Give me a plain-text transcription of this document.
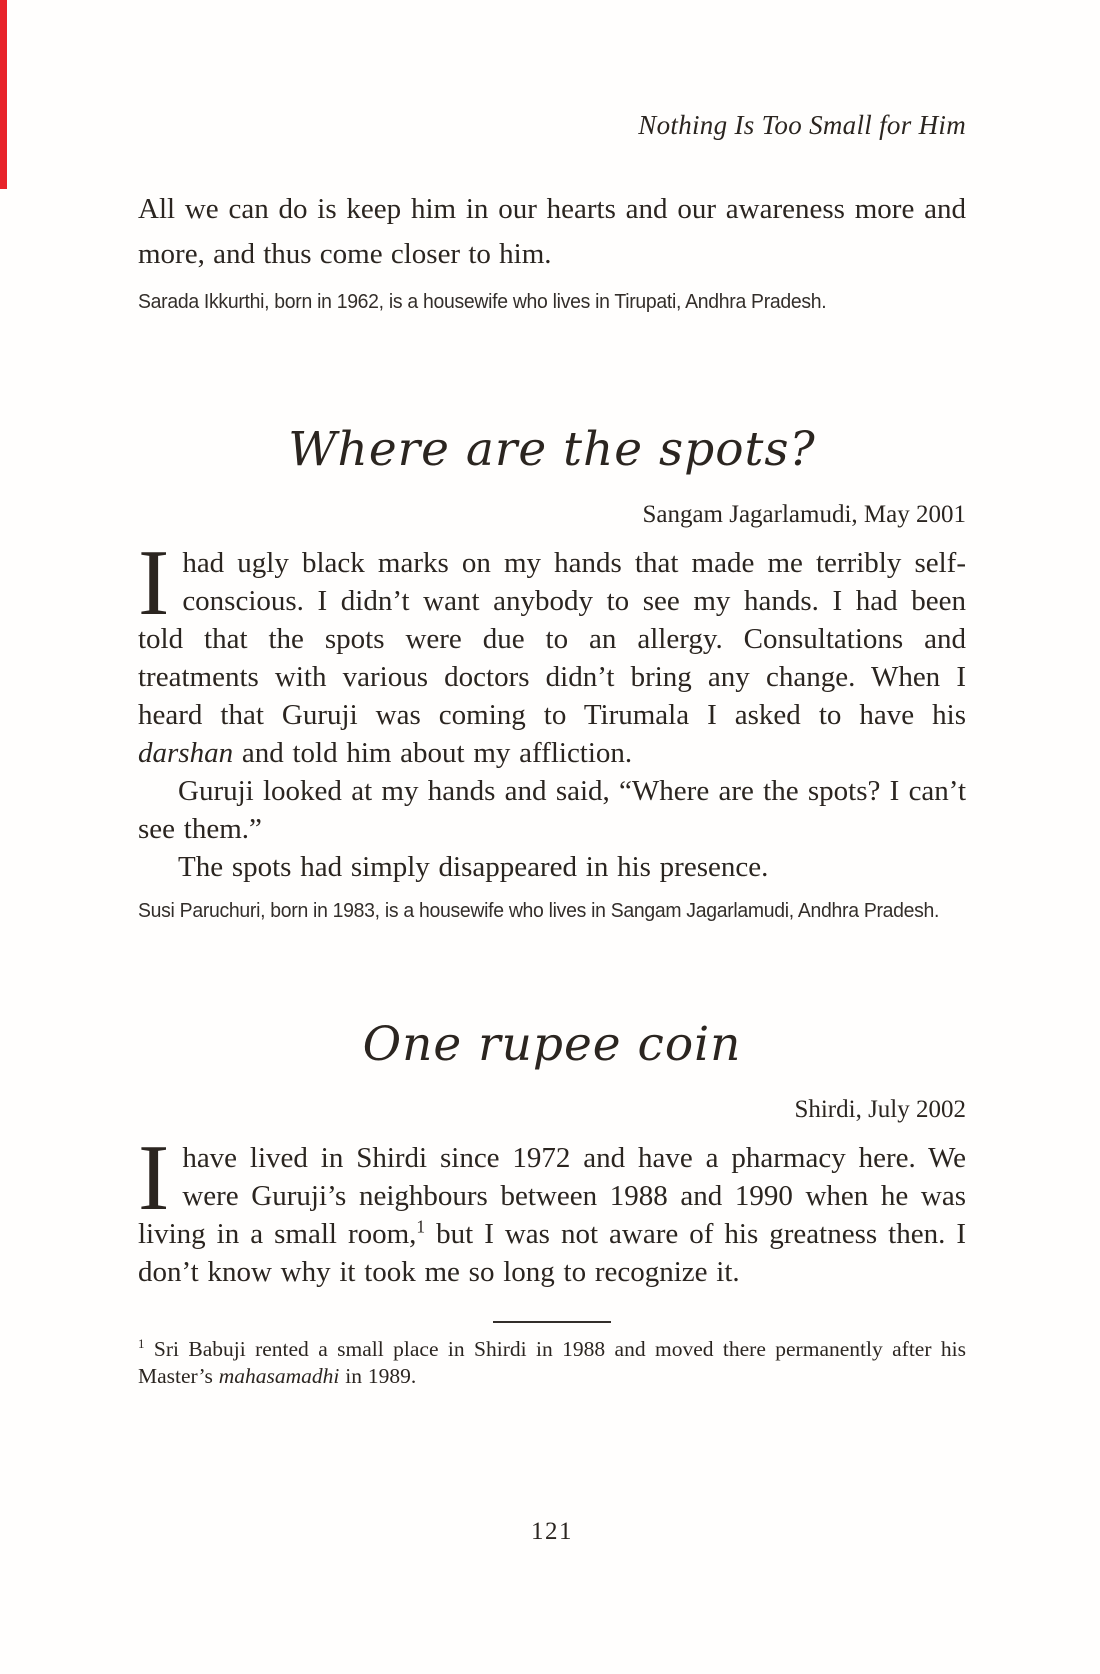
Nothing Is Too Small for Him

All we can do is keep him in our hearts and our awareness more and more, and thus come closer to him.

Sarada Ikkurthi, born in 1962, is a housewife who lives in Tirupati, Andhra Pradesh.

Where are the spots?
Sangam Jagarlamudi, May 2001

Ihad ugly black marks on my hands that made me terribly self-conscious. I didn’t want anybody to see my hands. I had been told that the spots were due to an allergy. Consultations and treatments with various doctors didn’t bring any change. When I heard that Guruji was coming to Tirumala I asked to have his darshan and told him about my affliction.

Guruji looked at my hands and said, “Where are the spots? I can’t see them.”

The spots had simply disappeared in his presence.

Susi Paruchuri, born in 1983, is a housewife who lives in Sangam Jagarlamudi, Andhra Pradesh.

One rupee coin
Shirdi, July 2002

Ihave lived in Shirdi since 1972 and have a pharmacy here. We were Guruji’s neighbours between 1988 and 1990 when he was living in a small room,$^1$ but I was not aware of his greatness then. I don’t know why it took me so long to recognize it.

$^1$ Sri Babuji rented a small place in Shirdi in 1988 and moved there permanently after his Master’s mahasamadhi in 1989.

121
